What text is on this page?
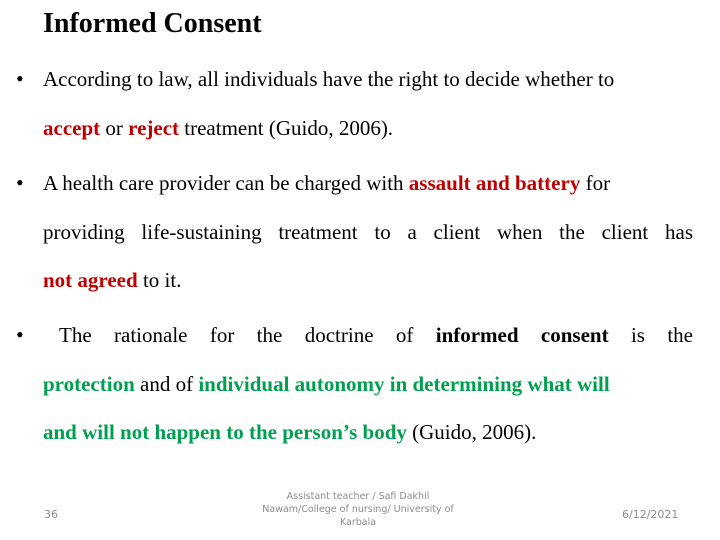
Informed Consent
• According to law, all individuals have the right to decide whether to
accept or reject treatment (Guido, 2006).
• A health care provider can be charged with assault and battery for
providing life-sustaining treatment to a client when the client has
not agreed to it.
•	The rationale for the doctrine of informed consent is the
protection and of individual autonomy in determining what will
and will not happen to the person’s body (Guido, 2006).
36
Assistant teacher / Safi Dakhil
Nawam/College of nursing/ University of
Karbala
6/12/2021
